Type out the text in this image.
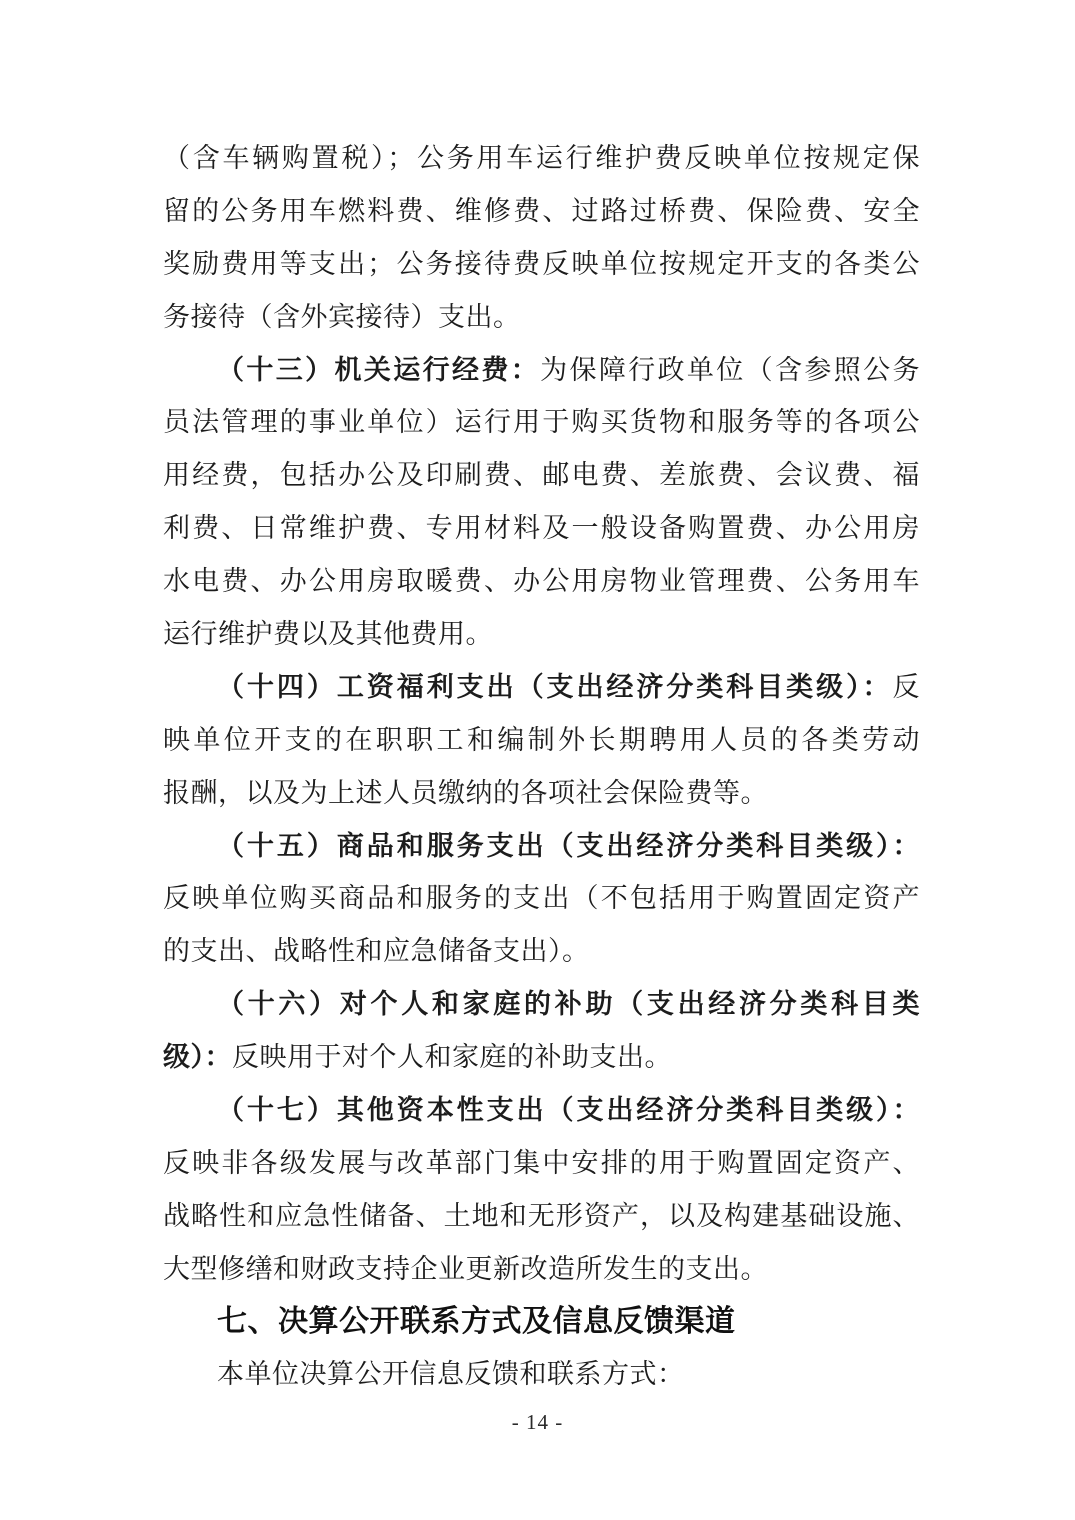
（含车辆购置税）；公务用车运行维护费反映单位按规定保
留的公务用车燃料费、维修费、过路过桥费、保险费、安全
奖励费用等支出；公务接待费反映单位按规定开支的各类公
务接待（含外宾接待）支出。
（十三）机关运行经费：为保障行政单位（含参照公务
员法管理的事业单位）运行用于购买货物和服务等的各项公
用经费，包括办公及印刷费、邮电费、差旅费、会议费、福
利费、日常维护费、专用材料及一般设备购置费、办公用房
水电费、办公用房取暖费、办公用房物业管理费、公务用车
运行维护费以及其他费用。
（十四）工资福利支出（支出经济分类科目类级）：反
映单位开支的在职职工和编制外长期聘用人员的各类劳动
报酬，以及为上述人员缴纳的各项社会保险费等。
（十五）商品和服务支出（支出经济分类科目类级）：
反映单位购买商品和服务的支出（不包括用于购置固定资产
的支出、战略性和应急储备支出）。
（十六）对个人和家庭的补助（支出经济分类科目类
级）：反映用于对个人和家庭的补助支出。
（十七）其他资本性支出（支出经济分类科目类级）：
反映非各级发展与改革部门集中安排的用于购置固定资产、
战略性和应急性储备、土地和无形资产，以及构建基础设施、
大型修缮和财政支持企业更新改造所发生的支出。
七、决算公开联系方式及信息反馈渠道
本单位决算公开信息反馈和联系方式：
- 14 -
